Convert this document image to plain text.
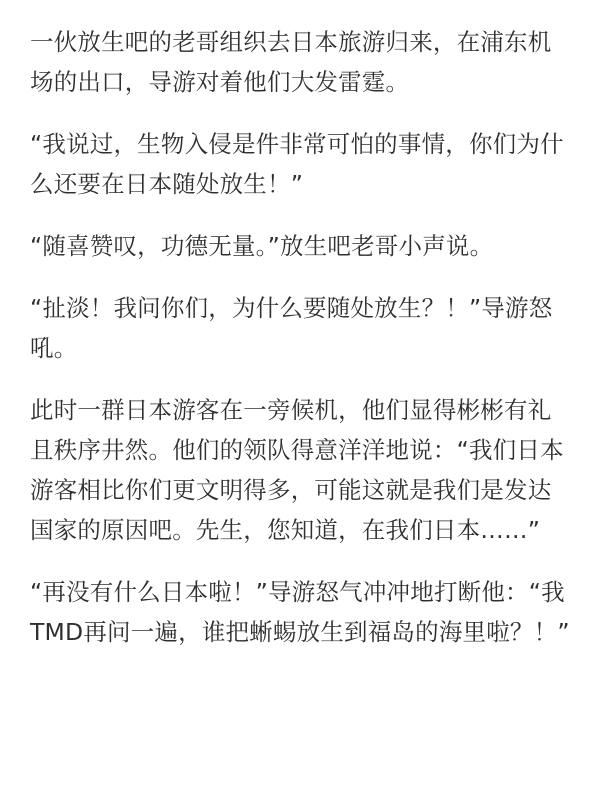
一伙放生吧的老哥组织去日本旅游归来，在浦东机场的出口，导游对着他们大发雷霆。

“我说过，生物入侵是件非常可怕的事情，你们为什么还要在日本随处放生！”

“随喜赞叹，功德无量。”放生吧老哥小声说。

“扯淡！我问你们，为什么要随处放生？！”导游怒吼。

此时一群日本游客在一旁候机，他们显得彬彬有礼且秩序井然。他们的领队得意洋洋地说：“我们日本游客相比你们更文明得多，可能这就是我们是发达国家的原因吧。先生，您知道，在我们日本……”

“再没有什么日本啦！”导游怒气冲冲地打断他：“我TMD再问一遍，谁把蜥蜴放生到福岛的海里啦？！”
